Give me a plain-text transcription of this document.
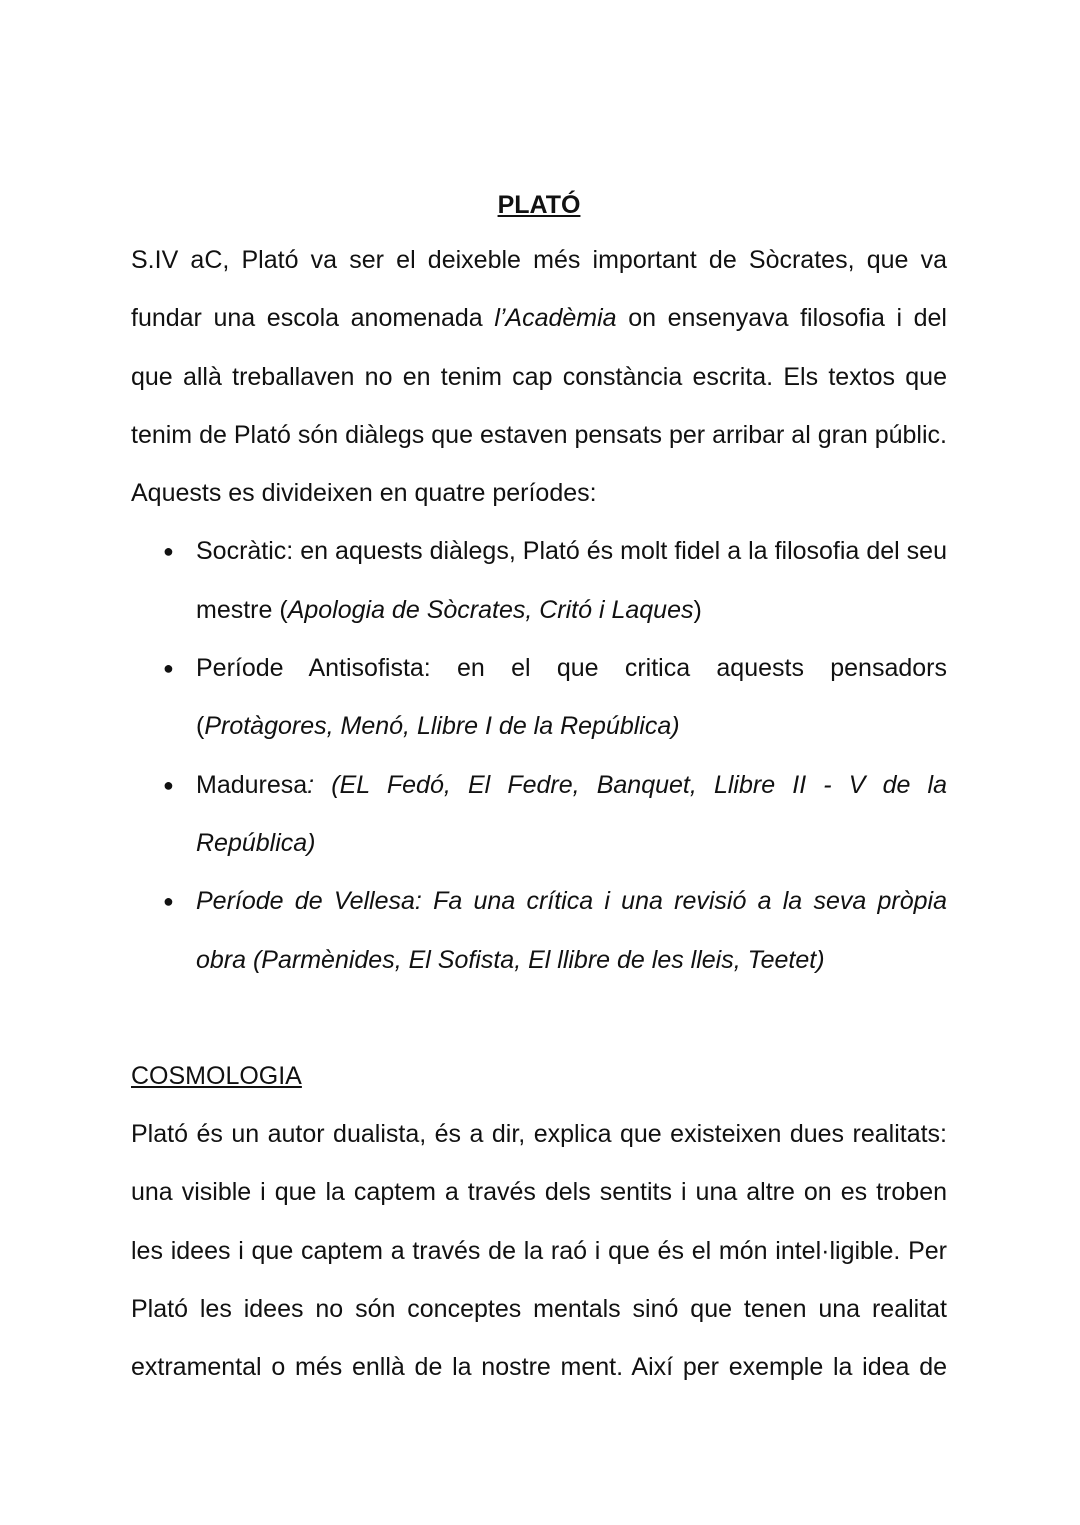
PLATÓ

S.IV aC, Plató va ser el deixeble més important de Sòcrates, que va fundar una escola anomenada l’Acadèmia on ensenyava filosofia i del que allà treballaven no en tenim cap constància escrita. Els textos que tenim de Plató són diàlegs que estaven pensats per arribar al gran públic. Aquests es divideixen en quatre períodes:

● Socràtic: en aquests diàlegs, Plató és molt fidel a la filosofia del seu mestre (Apologia de Sòcrates, Critó i Laques)
● Període Antisofista: en el que critica aquests pensadors (Protàgores, Menó, Llibre I de la República)
● Maduresa: (EL Fedó, El Fedre, Banquet, Llibre II - V de la República)
● Període de Vellesa: Fa una crítica i una revisió a la seva pròpia obra (Parmènides, El Sofista, El llibre de les lleis, Teetet)
COSMOLOGIA

Plató és un autor dualista, és a dir, explica que existeixen dues realitats: una visible i que la captem a través dels sentits i una altre on es troben les idees i que captem a través de la raó i que és el món intel·ligible. Per Plató les idees no són conceptes mentals sinó que tenen una realitat extramental o més enllà de la nostre ment. Així per exemple la idea de
